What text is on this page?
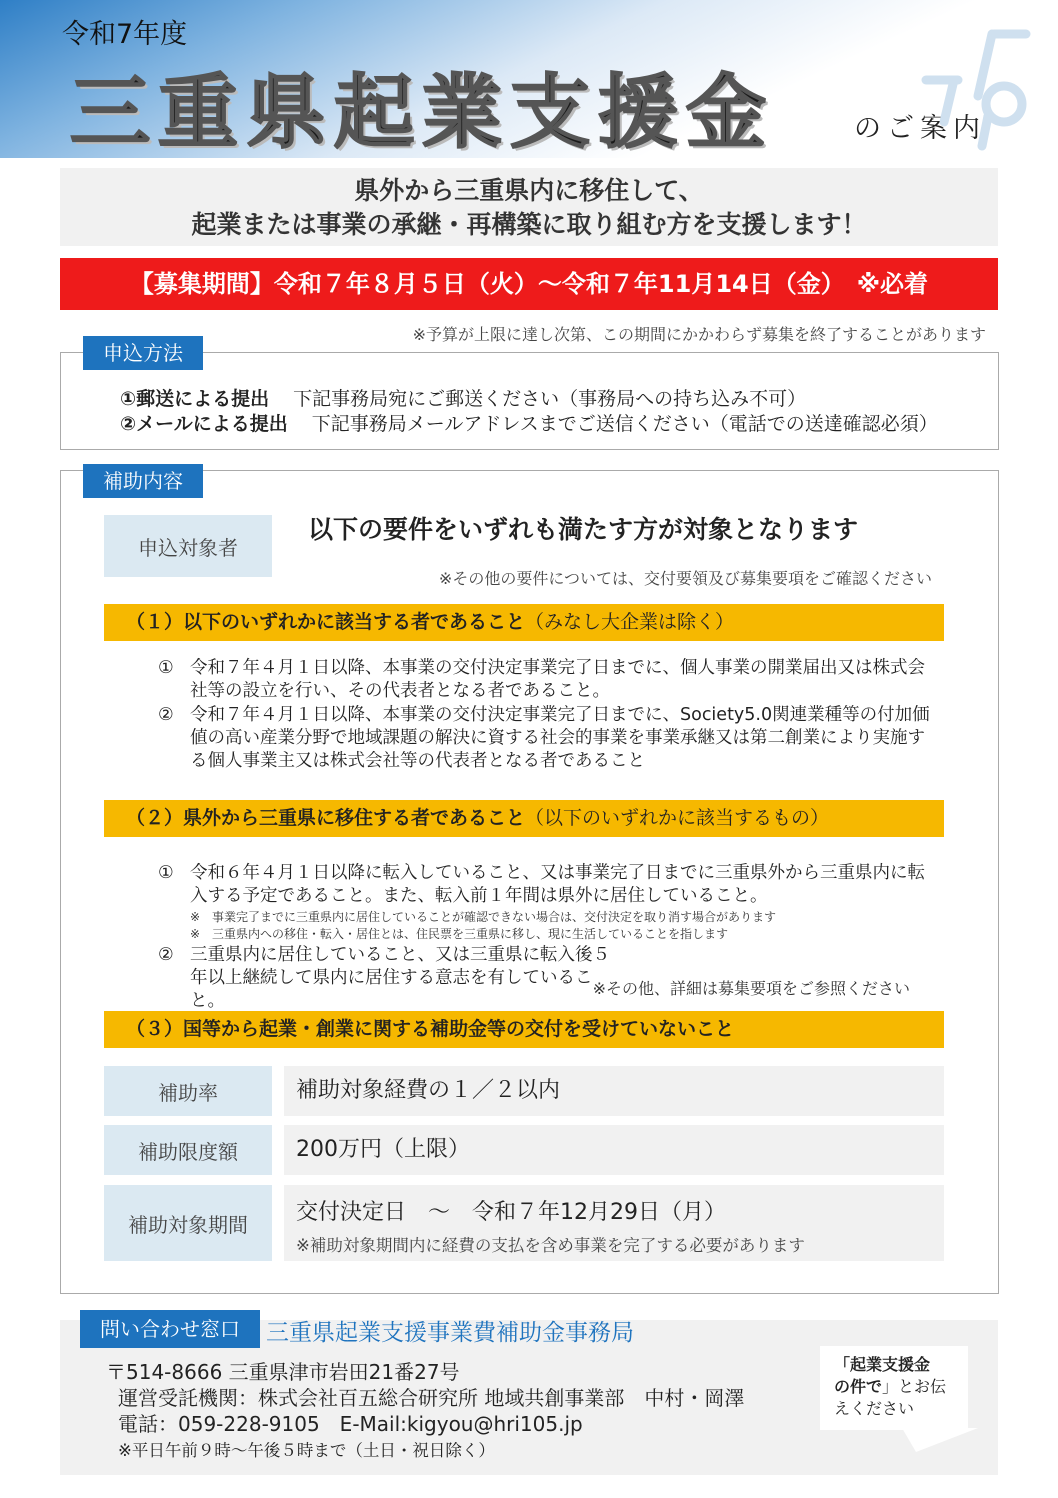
令和7年度
三重県起業支援金	のご案内
県外から三重県内に移住して、
起業または事業の承継・再構築に取り組む方を支援します！
【募集期間】令和７年８月５日（火）～令和７年11月14日（金）　※必着
※予算が上限に達し次第、この期間にかかわらず募集を終了することがあります
申込方法
①郵送による提出 下記事務局宛にご郵送ください（事務局への持ち込み不可）
②メールによる提出 下記事務局メールアドレスまでご送信ください（電話での送達確認必須）
補助内容
申込対象者
以下の要件をいずれも満たす方が対象となります
※その他の要件については、交付要領及び募集要項をご確認ください
（１）以下のいずれかに該当する者であること（みなし大企業は除く）
① 令和７年４月１日以降、本事業の交付決定事業完了日までに、個人事業の開業届出又は株式会社等の設立を行い、その代表者となる者であること。
② 令和７年４月１日以降、本事業の交付決定事業完了日までに、Society5.0関連業種等の付加価値の高い産業分野で地域課題の解決に資する社会的事業を事業承継又は第二創業により実施する個人事業主又は株式会社等の代表者となる者であること
（２）県外から三重県に移住する者であること（以下のいずれかに該当するもの）
① 令和６年４月１日以降に転入していること、又は事業完了日までに三重県外から三重県内に転入する予定であること。また、転入前１年間は県外に居住していること。
※　事業完了までに三重県内に居住していることが確認できない場合は、交付決定を取り消す場合があります
※　三重県内への移住・転入・居住とは、住民票を三重県に移し、現に生活していることを指します
② 三重県内に居住していること、又は三重県に転入後５年以上継続して県内に居住する意志を有していること。
※その他、詳細は募集要項をご参照ください
（３）国等から起業・創業に関する補助金等の交付を受けていないこと
補助率	補助対象経費の１／２以内
補助限度額	200万円（上限）
補助対象期間	交付決定日　～　令和７年12月29日（月）
※補助対象期間内に経費の支払を含め事業を完了する必要があります
問い合わせ窓口	三重県起業支援事業費補助金事務局
〒514-8666 三重県津市岩田21番27号
運営受託機関：株式会社百五総合研究所 地域共創事業部　中村・岡澤
電話：059-228-9105　E-Mail:kigyou@hri105.jp
※平日午前９時～午後５時まで（土日・祝日除く）
「起業支援金
の件で」とお伝
えください
